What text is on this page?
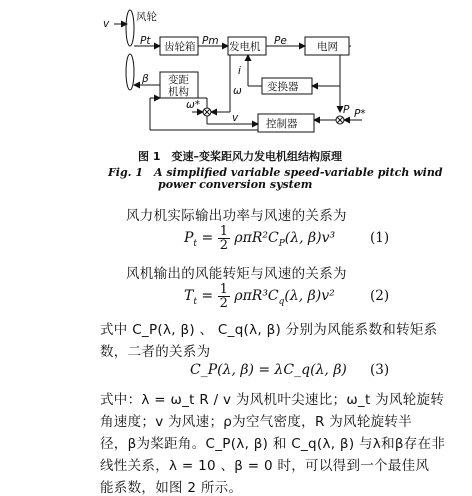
风轮
v
齿轮箱	发电机	电网
变换器
控制器
变距
机构
Pt	Pm	Pe
β
i
ω
ω*
v
P P*
图 1　变速–变桨距风力发电机组结构原理
Fig. 1　A simplified variable speed-variable pitch wind
power conversion system
风力机实际输出功率与风速的关系为
$P_t = \frac{1}{2} \rho\pi R^2C_P(\lambda$, β)v³	(1)
风机输出的风能转矩与风速的关系为
$T_t = \frac{1}{2} \rho\pi R^3C_q(\lambda$, β)v²	(2)
式中 C_P(λ, β) 、 C_q(λ, β) 分别为风能系数和转矩系
数，二者的关系为
C_P(λ, β) = λC_q(λ, β) (3)
式中：λ = ω_t R / v 为风机叶尖速比；ω_t 为风轮旋转
角速度；v 为风速；ρ为空气密度，R 为风轮旋转半
径，β为桨距角。C_P(λ, β) 和 C_q(λ, β) 与λ和β存在非
线性关系，λ = 10 、β = 0 时，可以得到一个最佳风
能系数，如图 2 所示。
